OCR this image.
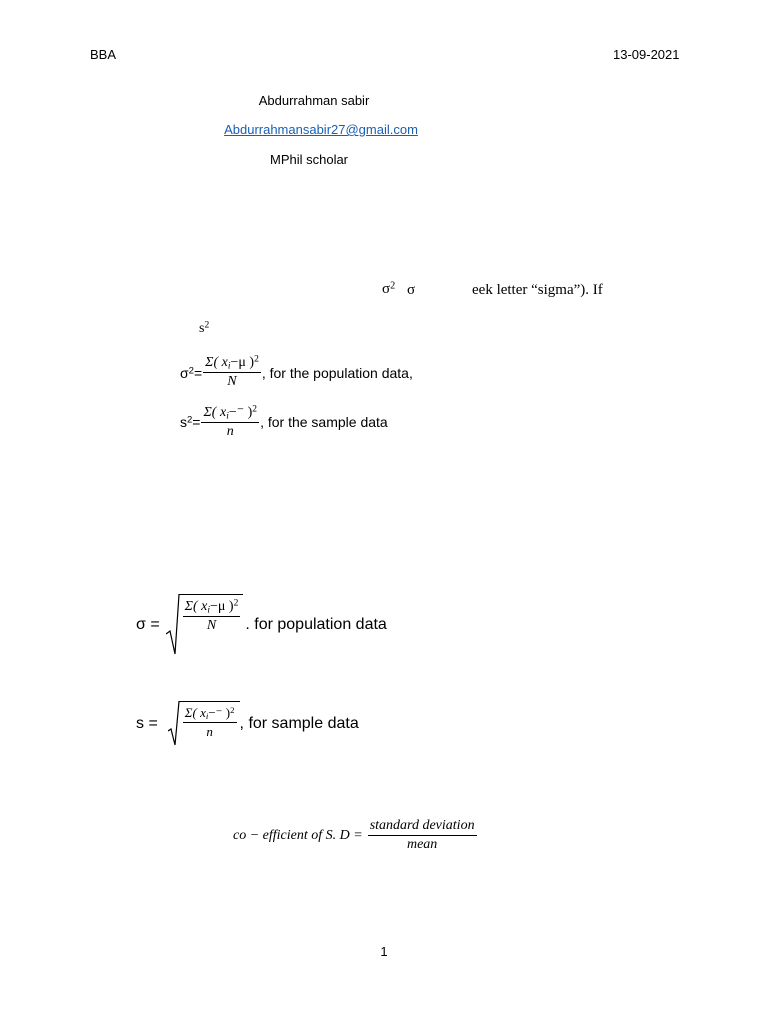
BBA	13-09-2021
Abdurrahman sabir
Abdurrahmansabir27@gmail.com
MPhil scholar
$\sigma^2$ σ	eek letter “sigma”). If
$s^2$
$\sigma^2= \frac{\Sigma( x_i-\mu )^2}{N}$ , for the population data,
$s^2= \frac{\Sigma( x_i-^- )^2}{n}$ , for the sample data
$\sigma = \frac{\Sigma( x_i-\mu )^2}{N}$ . for population data
$s = \frac{\Sigma( x_i-^- )^2}{n}$ , for sample data
co − efficient of S. $D = \frac{\text{standard deviation}}{\text{mean}}$
1
